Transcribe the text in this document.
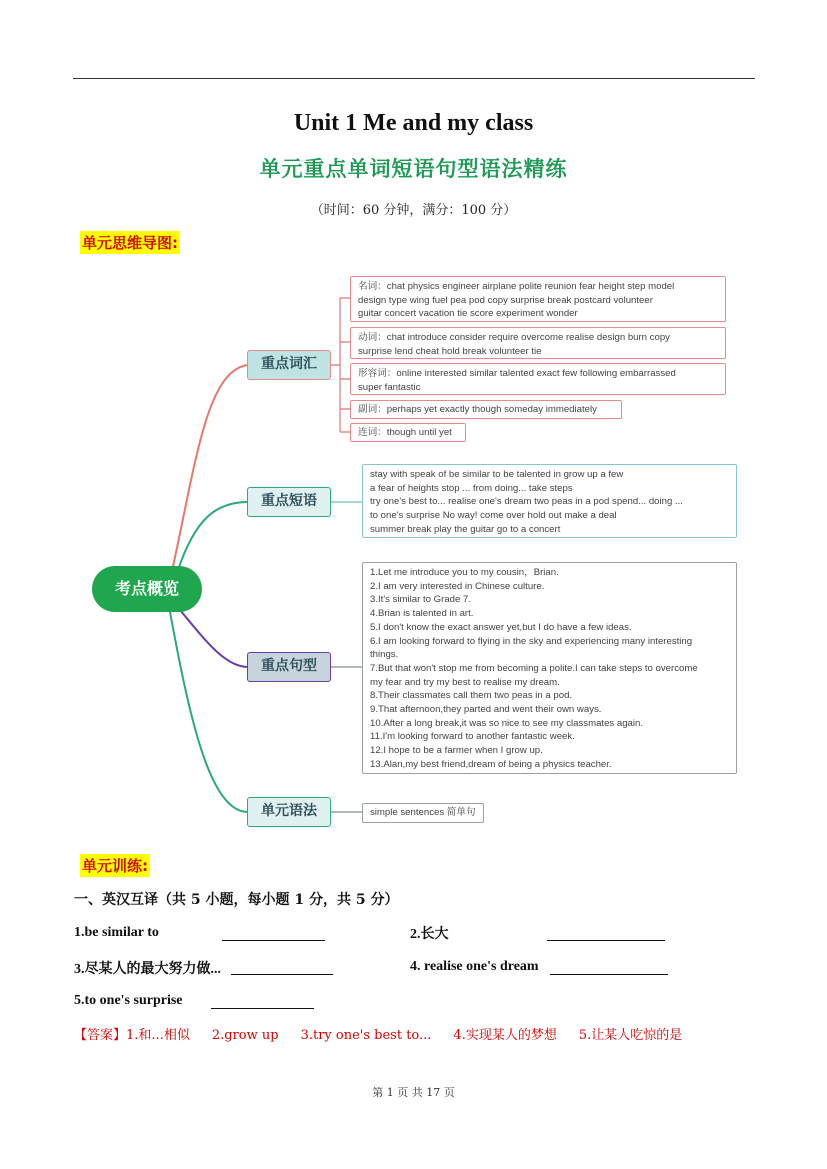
Unit 1 Me and my class
单元重点单词短语句型语法精练
（时间：60 分钟，满分：100 分）
单元思维导图:
考点概览
重点词汇
重点短语
重点句型
单元语法
名词：chat physics engineer airplane polite reunion fear height step model
design type wing fuel pea pod copy surprise break postcard volunteer
guitar concert vacation tie score experiment wonder
动词：chat introduce consider require overcome realise design burn copy
surprise lend cheat hold break volunteer tie
形容词：online interested similar talented exact few following embarrassed
super fantastic
副词：perhaps yet exactly though someday immediately
连词：though until yet
stay with speak of be similar to be talented in grow up a few
a fear of heights stop ... from doing... take steps
try one's best to... realise one's dream two peas in a pod spend... doing ...
to one's surprise No way! come over hold out make a deal
summer break play the guitar go to a concert
1.Let me introduce you to my cousin，Brian.
2.I am very interested in Chinese culture.
3.It's similar to Grade 7.
4.Brian is talented in art.
5.I don't know the exact answer yet,but I do have a few ideas.
6.I am looking forward to flying in the sky and experiencing many interesting
things.
7.But that won't stop me from becoming a polite.I can take steps to overcome
my fear and try my best to realise my dream.
8.Their classmates call them two peas in a pod.
9.That afternoon,they parted and went their own ways.
10.After a long break,it was so nice to see my classmates again.
11.I'm looking forward to another fantastic week.
12.I hope to be a farmer when I grow up.
13.Alan,my best friend,dream of being a physics teacher.
simple sentences 简单句
单元训练:
一、英汉互译（共 5 小题，每小题 1 分，共 5 分）
1.be similar to	2.长大
3.尽某人的最大努力做...	4. realise one's dream
5.to one's surprise
【答案】1.和...相似 2.grow up 3.try one's best to... 4.实现某人的梦想 5.让某人吃惊的是
第 1 页 共 17 页
